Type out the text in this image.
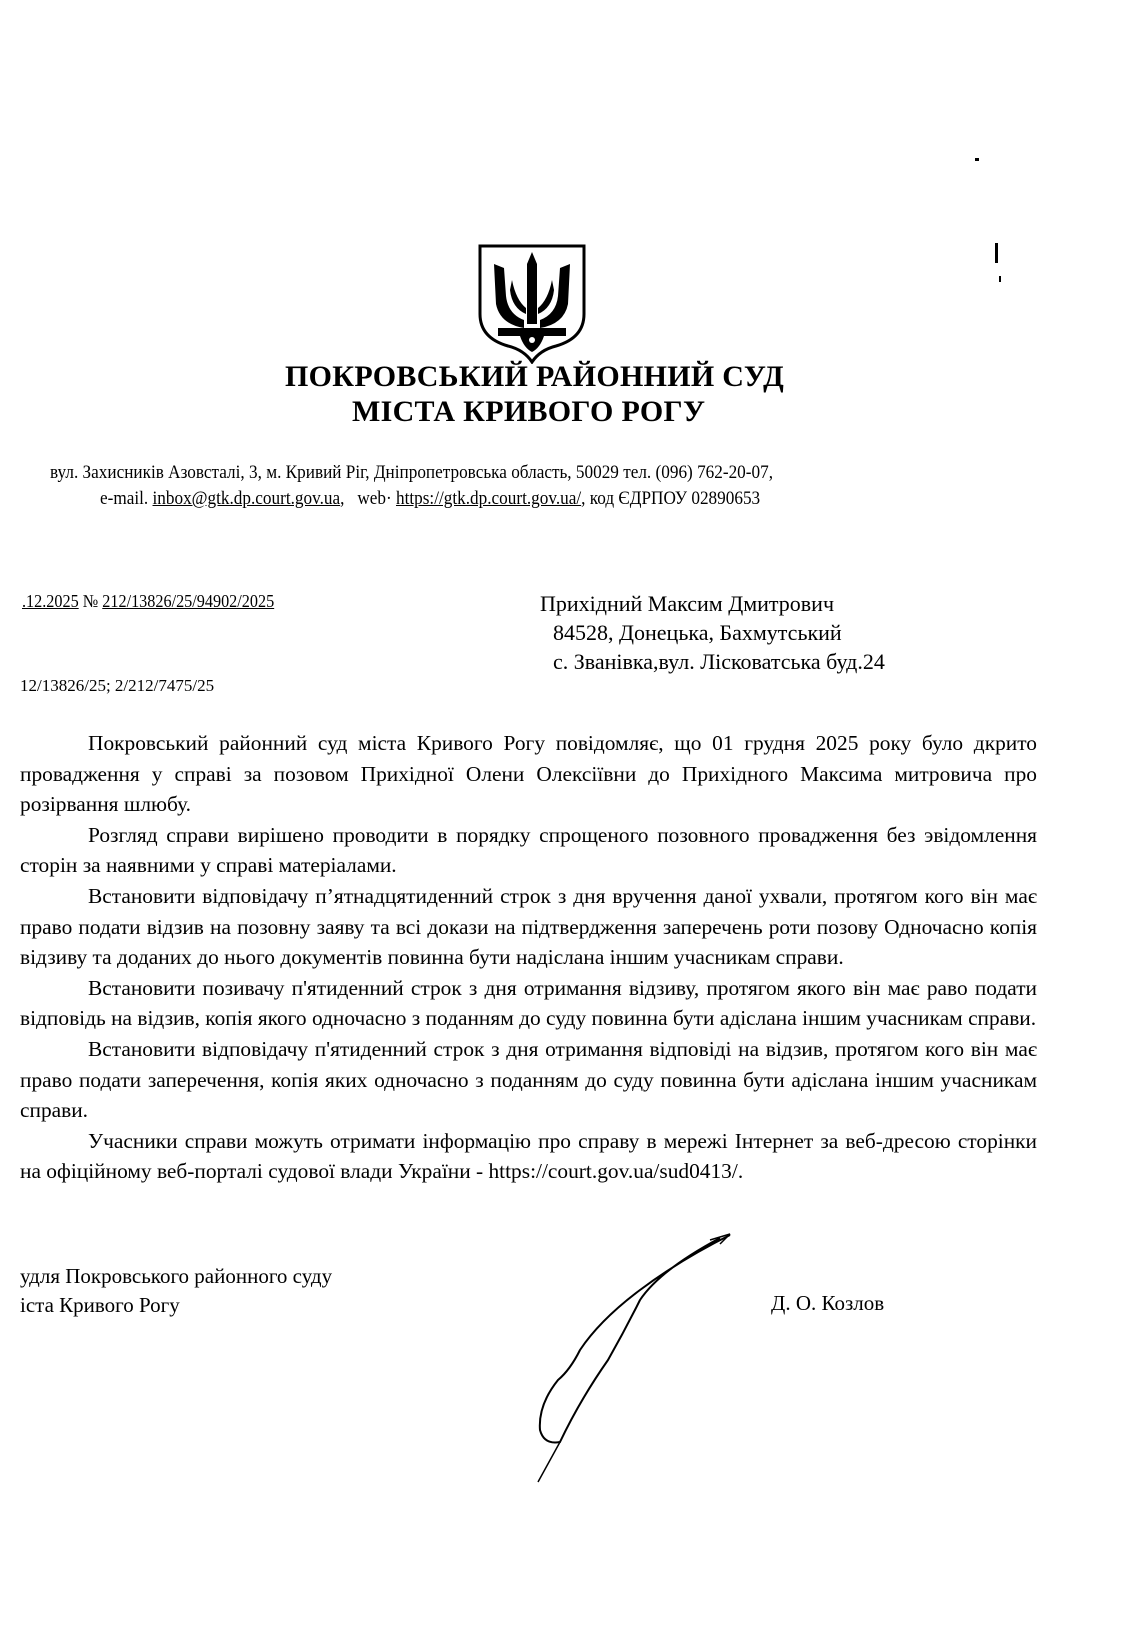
ПОКРОВСЬКИЙ РАЙОННИЙ СУД
МІСТА КРИВОГО РОГУ
вул. Захисників Азовсталі, 3, м. Кривий Ріг, Дніпропетровська область, 50029 тел. (096) 762-20-07,
e-mail. inbox@gtk.dp.court.gov.ua,   web· https://gtk.dp.court.gov.ua/, код ЄДРПОУ 02890653
.12.2025 № 212/13826/25/94902/2025	Прихідний Максим Дмитрович
84528, Донецька, Бахмутський
с. Званівка,вул. Лісковатська буд.24
12/13826/25; 2/212/7475/25

Покровський районний суд міста Кривого Рогу повідомляє, що 01 грудня 2025 року було дкрито провадження у справі за позовом Прихідної Олени Олексіївни до Прихідного Максима митровича про розірвання шлюбу.

Розгляд справи вирішено проводити в порядку спрощеного позовного провадження без эвідомлення сторін за наявними у справі матеріалами.

Встановити відповідачу п’ятнадцятиденний строк з дня вручення даної ухвали, протягом кого він має право подати відзив на позовну заяву та всі докази на підтвердження заперечень роти позову Одночасно копія відзиву та доданих до нього документів повинна бути надіслана іншим учасникам справи.

Встановити позивачу п'ятиденний строк з дня отримання відзиву, протягом якого він має раво подати відповідь на відзив, копія якого одночасно з поданням до суду повинна бути адіслана іншим учасникам справи.

Встановити відповідачу п'ятиденний строк з дня отримання відповіді на відзив, протягом кого він має право подати заперечення, копія яких одночасно з поданням до суду повинна бути адіслана іншим учасникам справи.

Учасники справи можуть отримати інформацію про справу в мережі Інтернет за веб-дресою сторінки на офіційному веб-порталі судової влади України - https://court.gov.ua/sud0413/.

удля Покровського районного суду
іста Кривого Рогу	Д. О. Козлов
